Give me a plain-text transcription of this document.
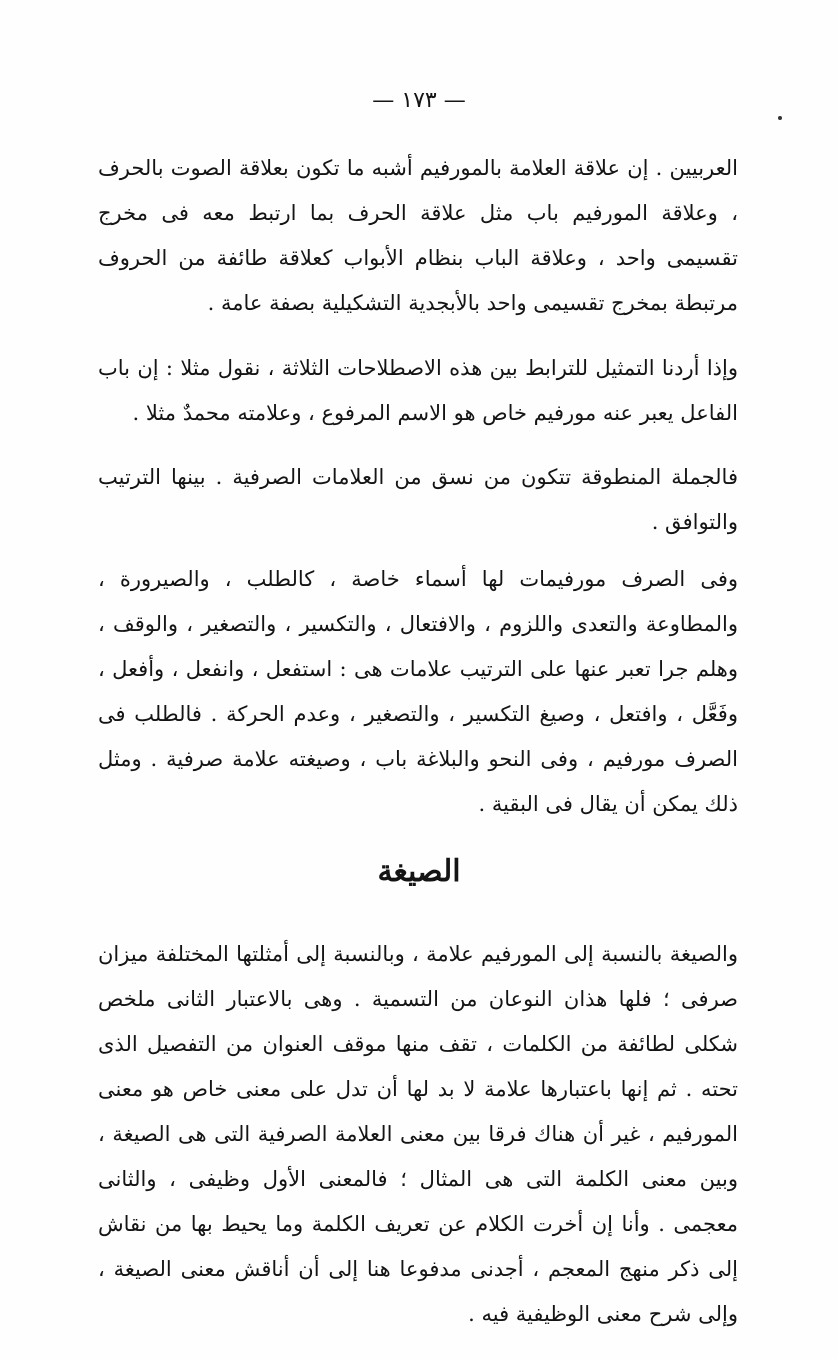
— ١٧٣ —

العربيين . إن علاقة العلامة بالمورفيم أشبه ما تكون بعلاقة الصوت بالحرف ، وعلاقة المورفيم باب مثل علاقة الحرف بما ارتبط معه فى مخرج تقسيمى واحد ، وعلاقة الباب بنظام الأبواب كعلاقة طائفة من الحروف مرتبطة بمخرج تقسيمى واحد بالأبجدية التشكيلية بصفة عامة .

وإذا أردنا التمثيل للترابط بين هذه الاصطلاحات الثلاثة ، نقول مثلا : إن باب الفاعل يعبر عنه مورفيم خاص هو الاسم المرفوع ، وعلامته محمدٌ مثلا .

فالجملة المنطوقة تتكون من نسق من العلامات الصرفية . بينها الترتيب والتوافق .

وفى الصرف مورفيمات لها أسماء خاصة ، كالطلب ، والصيرورة ، والمطاوعة والتعدى واللزوم ، والافتعال ، والتكسير ، والتصغير ، والوقف ، وهلم جرا تعبر عنها على الترتيب علامات هى : استفعل ، وانفعل ، وأفعل ، وفَعَّل ، وافتعل ، وصيغ التكسير ، والتصغير ، وعدم الحركة . فالطلب فى الصرف مورفيم ، وفى النحو والبلاغة باب ، وصيغته علامة صرفية . ومثل ذلك يمكن أن يقال فى البقية .

الصيغة

والصيغة بالنسبة إلى المورفيم علامة ، وبالنسبة إلى أمثلتها المختلفة ميزان صرفى ؛ فلها هذان النوعان من التسمية . وهى بالاعتبار الثانى ملخص شكلى لطائفة من الكلمات ، تقف منها موقف العنوان من التفصيل الذى تحته . ثم إنها باعتبارها علامة لا بد لها أن تدل على معنى خاص هو معنى المورفيم ، غير أن هناك فرقا بين معنى العلامة الصرفية التى هى الصيغة ، وبين معنى الكلمة التى هى المثال ؛ فالمعنى الأول وظيفى ، والثانى معجمى . وأنا إن أخرت الكلام عن تعريف الكلمة وما يحيط بها من نقاش إلى ذكر منهج المعجم ، أجدنى مدفوعا هنا إلى أن أناقش معنى الصيغة ، وإلى شرح معنى الوظيفية فيه .
